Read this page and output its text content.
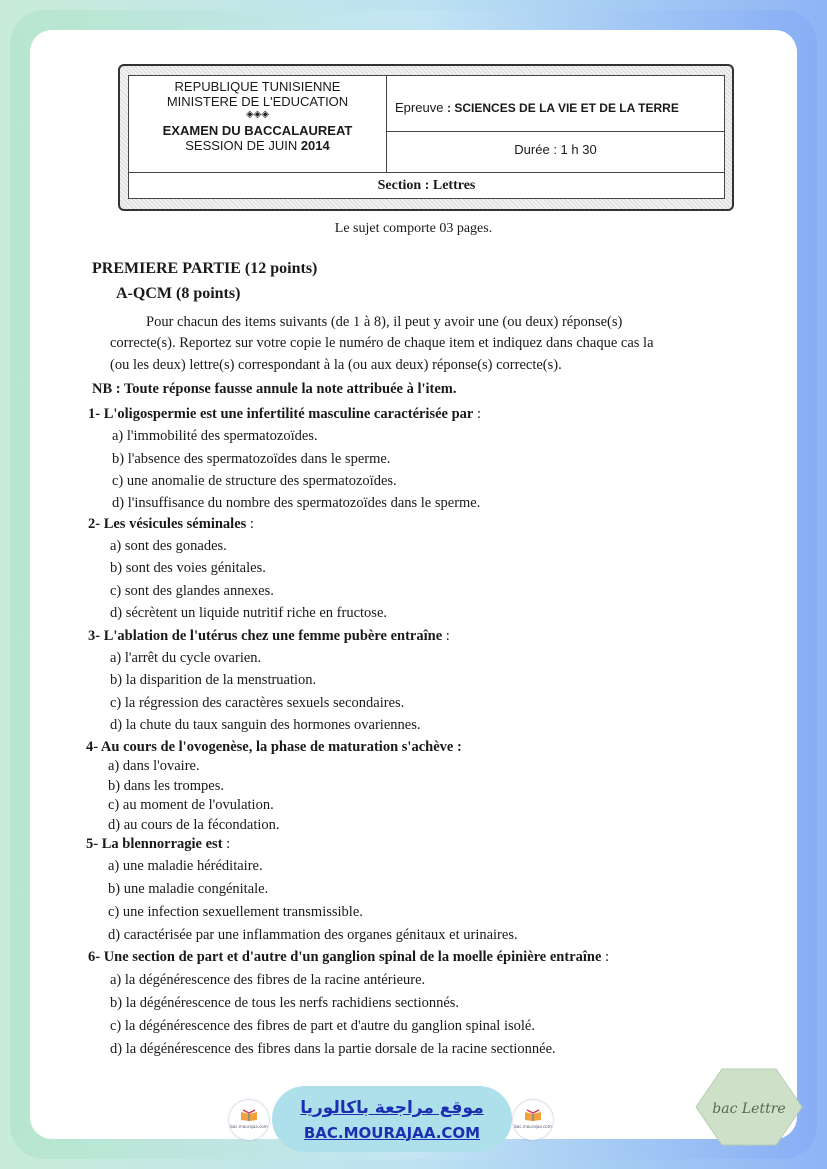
REPUBLIQUE TUNISIENNE
MINISTERE DE L'EDUCATION
◈◈◈
EXAMEN DU BACCALAUREAT
SESSION DE JUIN 2014
Epreuve : SCIENCES DE LA VIE ET DE LA TERRE
Durée : 1 h 30
Section : Lettres
Le sujet comporte 03 pages.
PREMIERE PARTIE (12 points)
A-QCM (8 points)
Pour chacun des items suivants (de 1 à 8), il peut y avoir une (ou deux) réponse(s)
correcte(s). Reportez sur votre copie le numéro de chaque item et indiquez dans chaque cas la
(ou les deux) lettre(s) correspondant à la (ou aux deux) réponse(s) correcte(s).
NB : Toute réponse fausse annule la note attribuée à l'item.
1- L'oligospermie est une infertilité masculine caractérisée par :
a) l'immobilité des spermatozoïdes.
b) l'absence des spermatozoïdes dans le sperme.
c) une anomalie de structure des spermatozoïdes.
d) l'insuffisance du nombre des spermatozoïdes dans le sperme.
2- Les vésicules séminales :
a) sont des gonades.
b) sont des voies génitales.
c) sont des glandes annexes.
d) sécrètent un liquide nutritif riche en fructose.
3- L'ablation de l'utérus chez une femme pubère entraîne :
a) l'arrêt du cycle ovarien.
b) la disparition de la menstruation.
c) la régression des caractères sexuels secondaires.
d) la chute du taux sanguin des hormones ovariennes.
4- Au cours de l'ovogenèse, la phase de maturation s'achève :
a) dans l'ovaire.
b) dans les trompes.
c) au moment de l'ovulation.
d) au cours de la fécondation.
5- La blennorragie est :
a) une maladie héréditaire.
b) une maladie congénitale.
c) une infection sexuellement transmissible.
d) caractérisée par une inflammation des organes génitaux et urinaires.
6- Une section de part et d'autre d'un ganglion spinal de la moelle épinière entraîne :
a) la dégénérescence des fibres de la racine antérieure.
b) la dégénérescence de tous les nerfs rachidiens sectionnés.
c) la dégénérescence des fibres de part et d'autre du ganglion spinal isolé.
d) la dégénérescence des fibres dans la partie dorsale de la racine sectionnée.
bac.mourajaa.com
موقع مراجعة باكالوريا
BAC.MOURAJAA.COM	bac.mourajaa.com
bac Lettre
